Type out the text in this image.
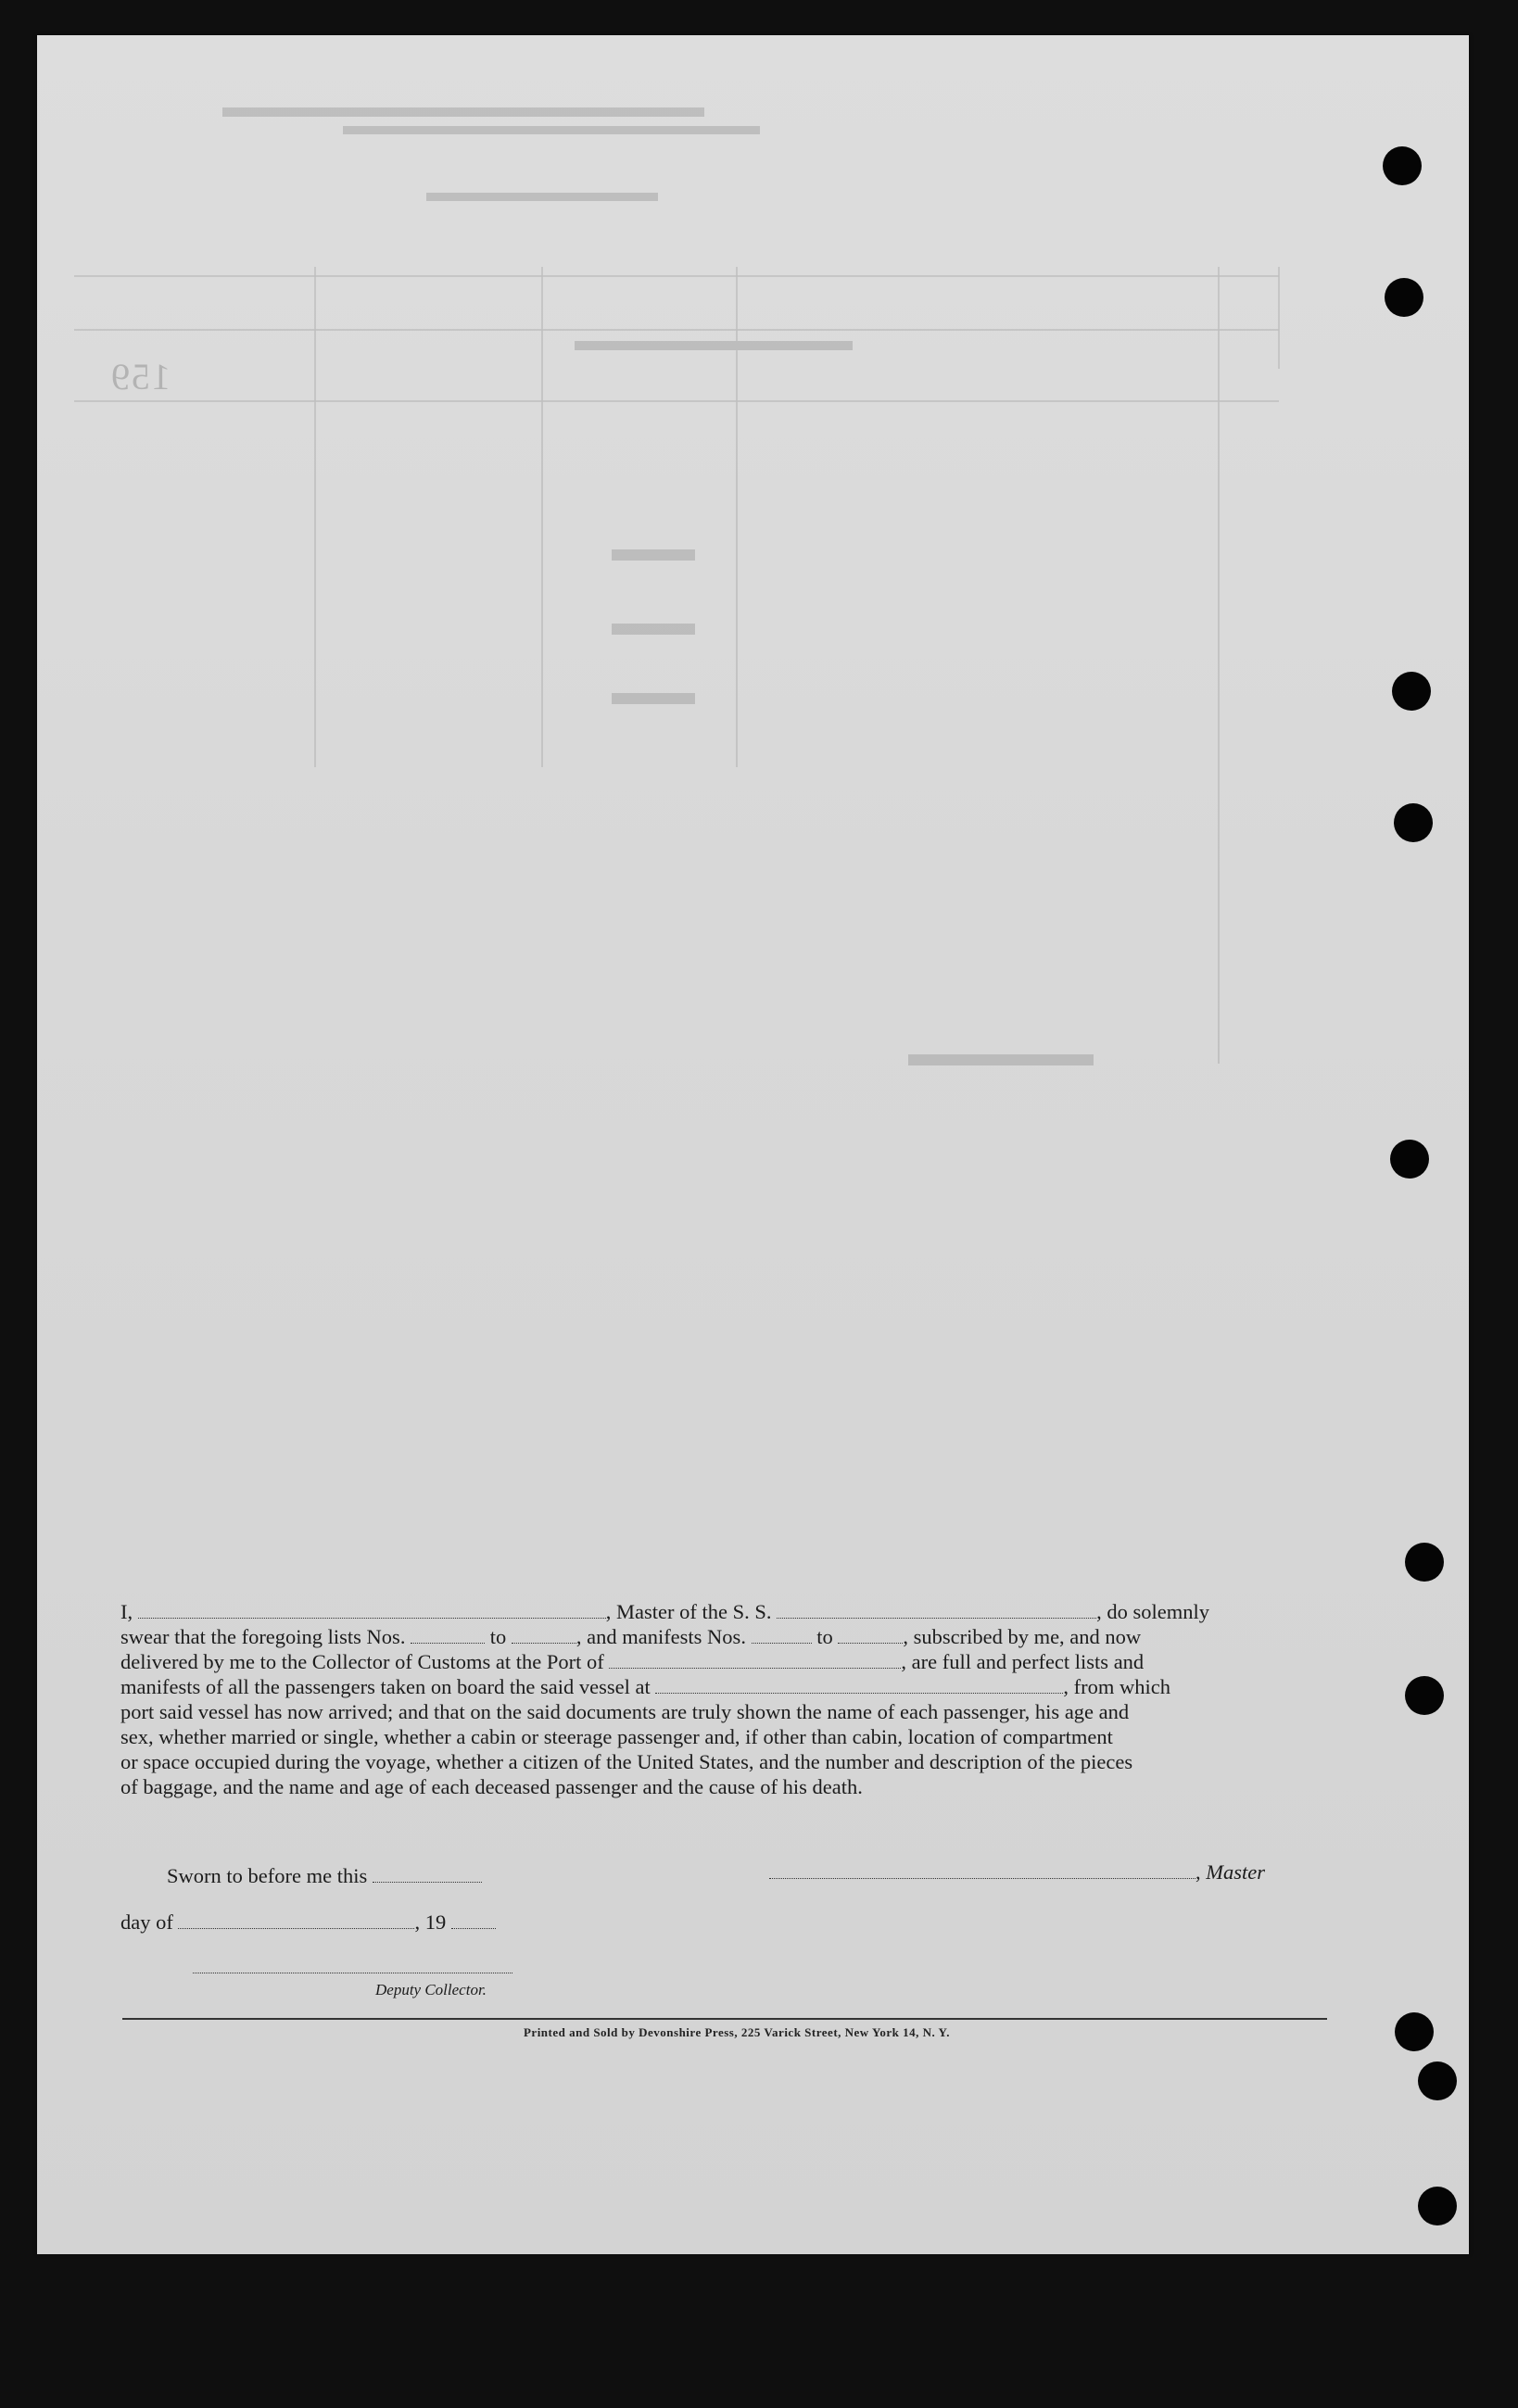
159
I,	, Master of the S. S.	, do solemnly
swear that the foregoing lists Nos.	to	, and manifests Nos.	to	, subscribed by me, and now
delivered by me to the Collector of Customs at the Port of	, are full and perfect lists and
manifests of all the passengers taken on board the said vessel at	, from which
port said vessel has now arrived; and that on the said documents are truly shown the name of each passenger, his age and
sex, whether married or single, whether a cabin or steerage passenger and, if other than cabin, location of compartment
or space occupied during the voyage, whether a citizen of the United States, and the number and description of the pieces
of baggage, and the name and age of each deceased passenger and the cause of his death.
Sworn to before me this	, Master
day of	, 19
Deputy Collector.
Printed and Sold by Devonshire Press, 225 Varick Street, New York 14, N. Y.
